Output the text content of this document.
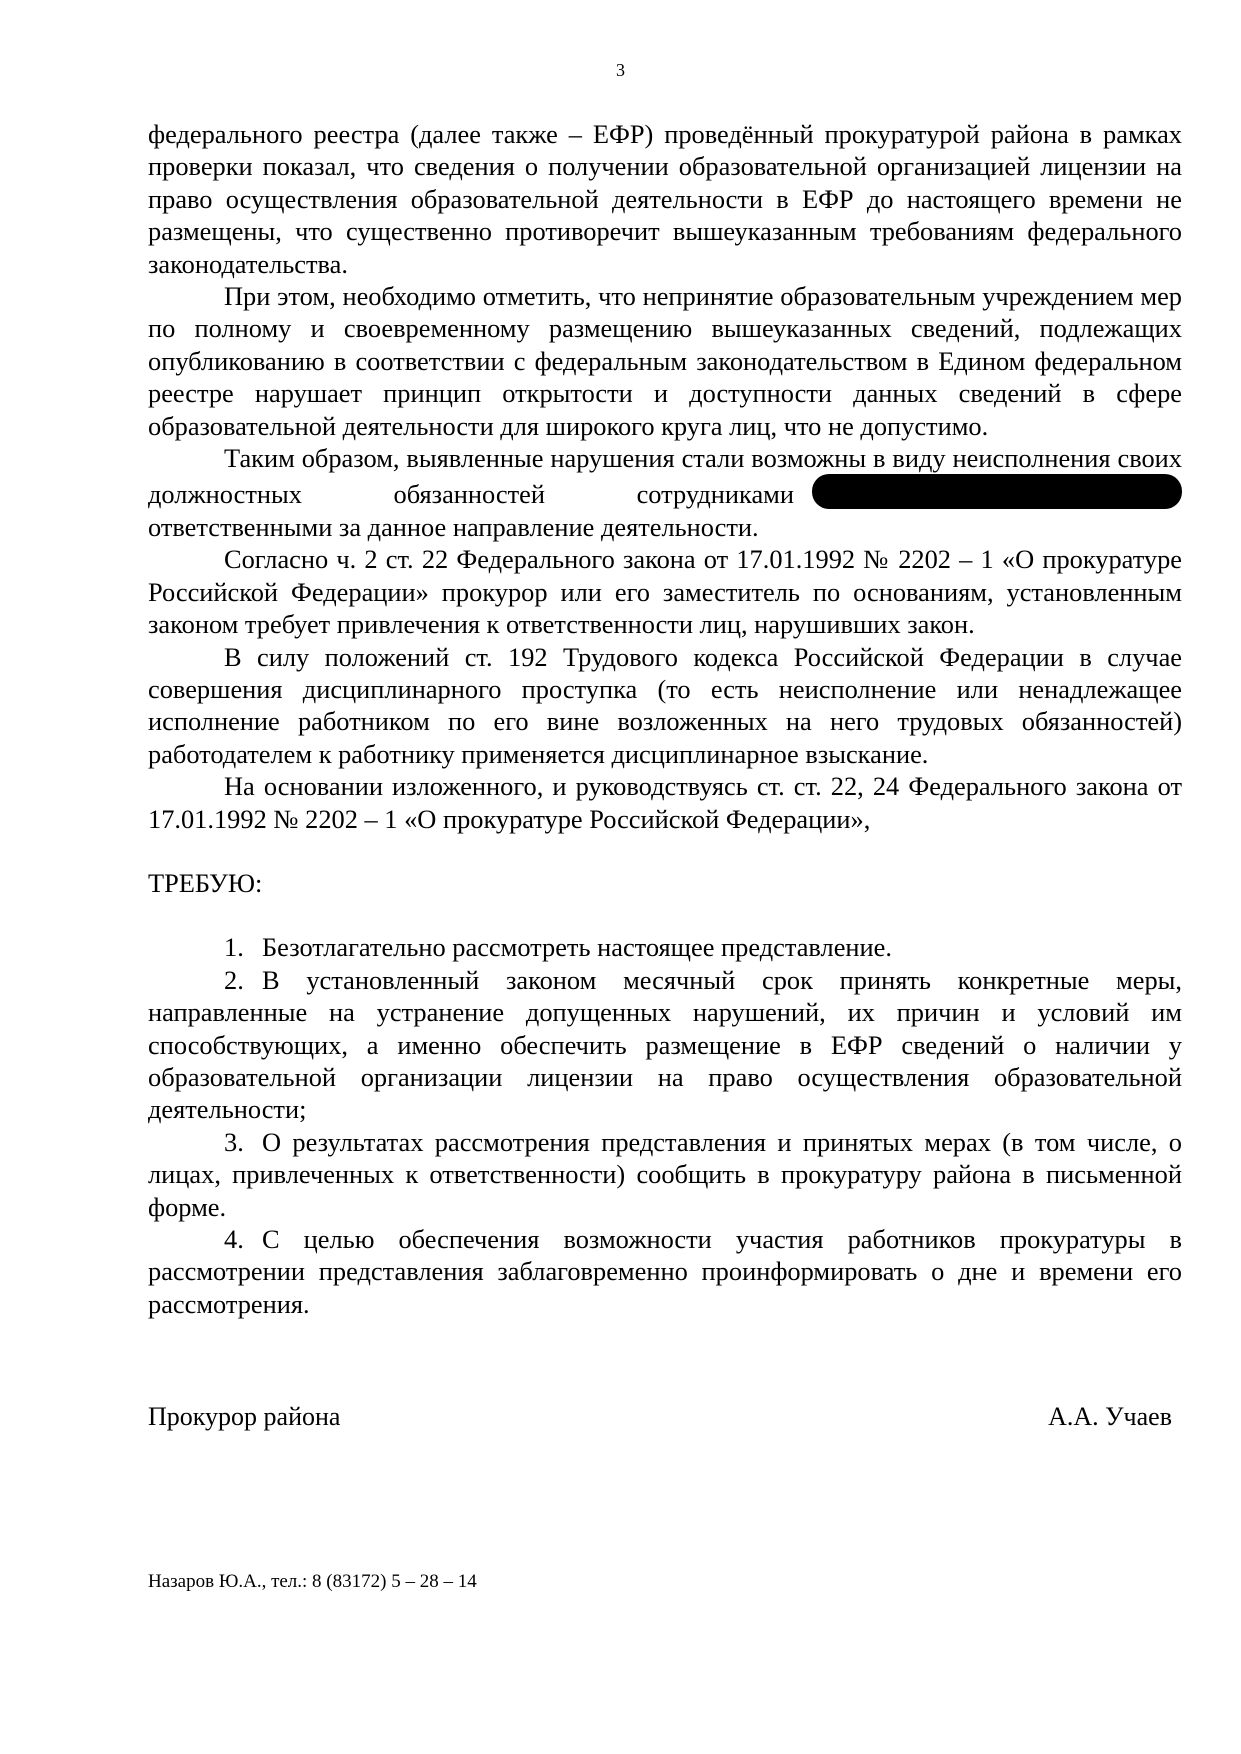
3

федерального реестра (далее также – ЕФР) проведённый прокуратурой района в рамках проверки показал, что сведения о получении образовательной организацией лицензии на право осуществления образовательной деятельности в ЕФР до настоящего времени не размещены, что существенно противоречит вышеуказанным требованиям федерального законодательства.

При этом, необходимо отметить, что непринятие образовательным учреждением мер по полному и своевременному размещению вышеуказанных сведений, подлежащих опубликованию в соответствии с федеральным законодательством в Едином федеральном реестре нарушает принцип открытости и доступности данных сведений в сфере образовательной деятельности для широкого круга лиц, что не допустимо.

Таким образом, выявленные нарушения стали возможны в виду неисполнения своих должностных обязанностей сотрудниками

ответственными за данное направление деятельности.

Согласно ч. 2 ст. 22 Федерального закона от 17.01.1992 № 2202 – 1 «О прокуратуре Российской Федерации» прокурор или его заместитель по основаниям, установленным законом требует привлечения к ответственности лиц, нарушивших закон.

В силу положений ст. 192 Трудового кодекса Российской Федерации в случае совершения дисциплинарного проступка (то есть неисполнение или ненадлежащее исполнение работником по его вине возложенных на него трудовых обязанностей) работодателем к работнику применяется дисциплинарное взыскание.

На основании изложенного, и руководствуясь ст. ст. 22, 24 Федерального закона от 17.01.1992 № 2202 – 1 «О прокуратуре Российской Федерации»,

ТРЕБУЮ:

1. Безотлагательно рассмотреть настоящее представление.

2. В установленный законом месячный срок принять конкретные меры, направленные на устранение допущенных нарушений, их причин и условий им способствующих, а именно обеспечить размещение в ЕФР сведений о наличии у образовательной организации лицензии на право осуществления образовательной деятельности;

3. О результатах рассмотрения представления и принятых мерах (в том числе, о лицах, привлеченных к ответственности) сообщить в прокуратуру района в письменной форме.

4. С целью обеспечения возможности участия работников прокуратуры в рассмотрении представления заблаговременно проинформировать о дне и времени его рассмотрения.

Прокурор района	А.А. Учаев
Назаров Ю.А., тел.: 8 (83172) 5 – 28 – 14
